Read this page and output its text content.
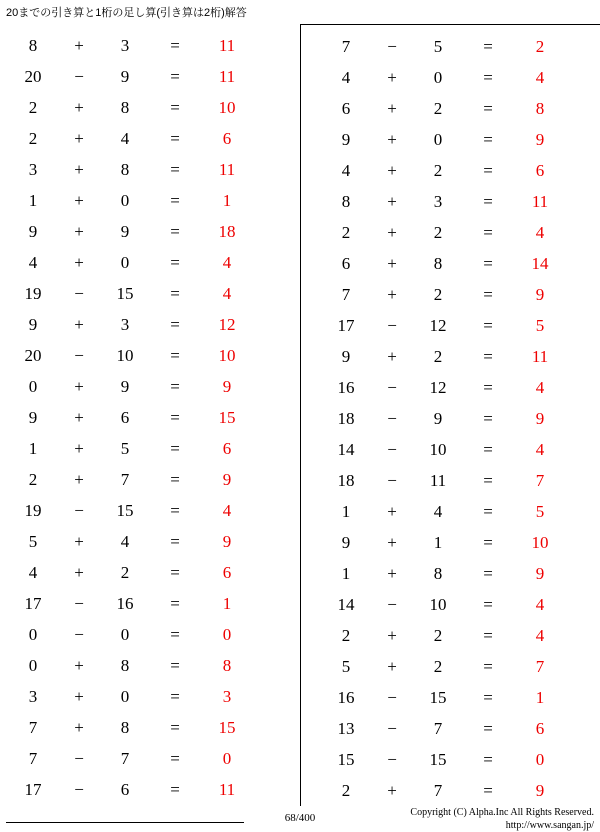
20までの引き算と1桁の足し算(引き算は2桁)解答
8	+	3	=	11
20	−	9	=	11
2	+	8	=	10
2	+	4	=	6
3	+	8	=	11
1	+	0	=	1
9	+	9	=	18
4	+	0	=	4
19	−	15	=	4
9	+	3	=	12
20	−	10	=	10
0	+	9	=	9
9	+	6	=	15
1	+	5	=	6
2	+	7	=	9
19	−	15	=	4
5	+	4	=	9
4	+	2	=	6
17	−	16	=	1
0	−	0	=	0
0	+	8	=	8
3	+	0	=	3
7	+	8	=	15
7	−	7	=	0
17	−	6	=	11
7	−	5	=	2
4	+	0	=	4
6	+	2	=	8
9	+	0	=	9
4	+	2	=	6
8	+	3	=	11
2	+	2	=	4
6	+	8	=	14
7	+	2	=	9
17	−	12	=	5
9	+	2	=	11
16	−	12	=	4
18	−	9	=	9
14	−	10	=	4
18	−	11	=	7
1	+	4	=	5
9	+	1	=	10
1	+	8	=	9
14	−	10	=	4
2	+	2	=	4
5	+	2	=	7
16	−	15	=	1
13	−	7	=	6
15	−	15	=	0
2	+	7	=	9
68/400	Copyright (C) Alpha.Inc All Rights Reserved.
http://www.sangan.jp/
